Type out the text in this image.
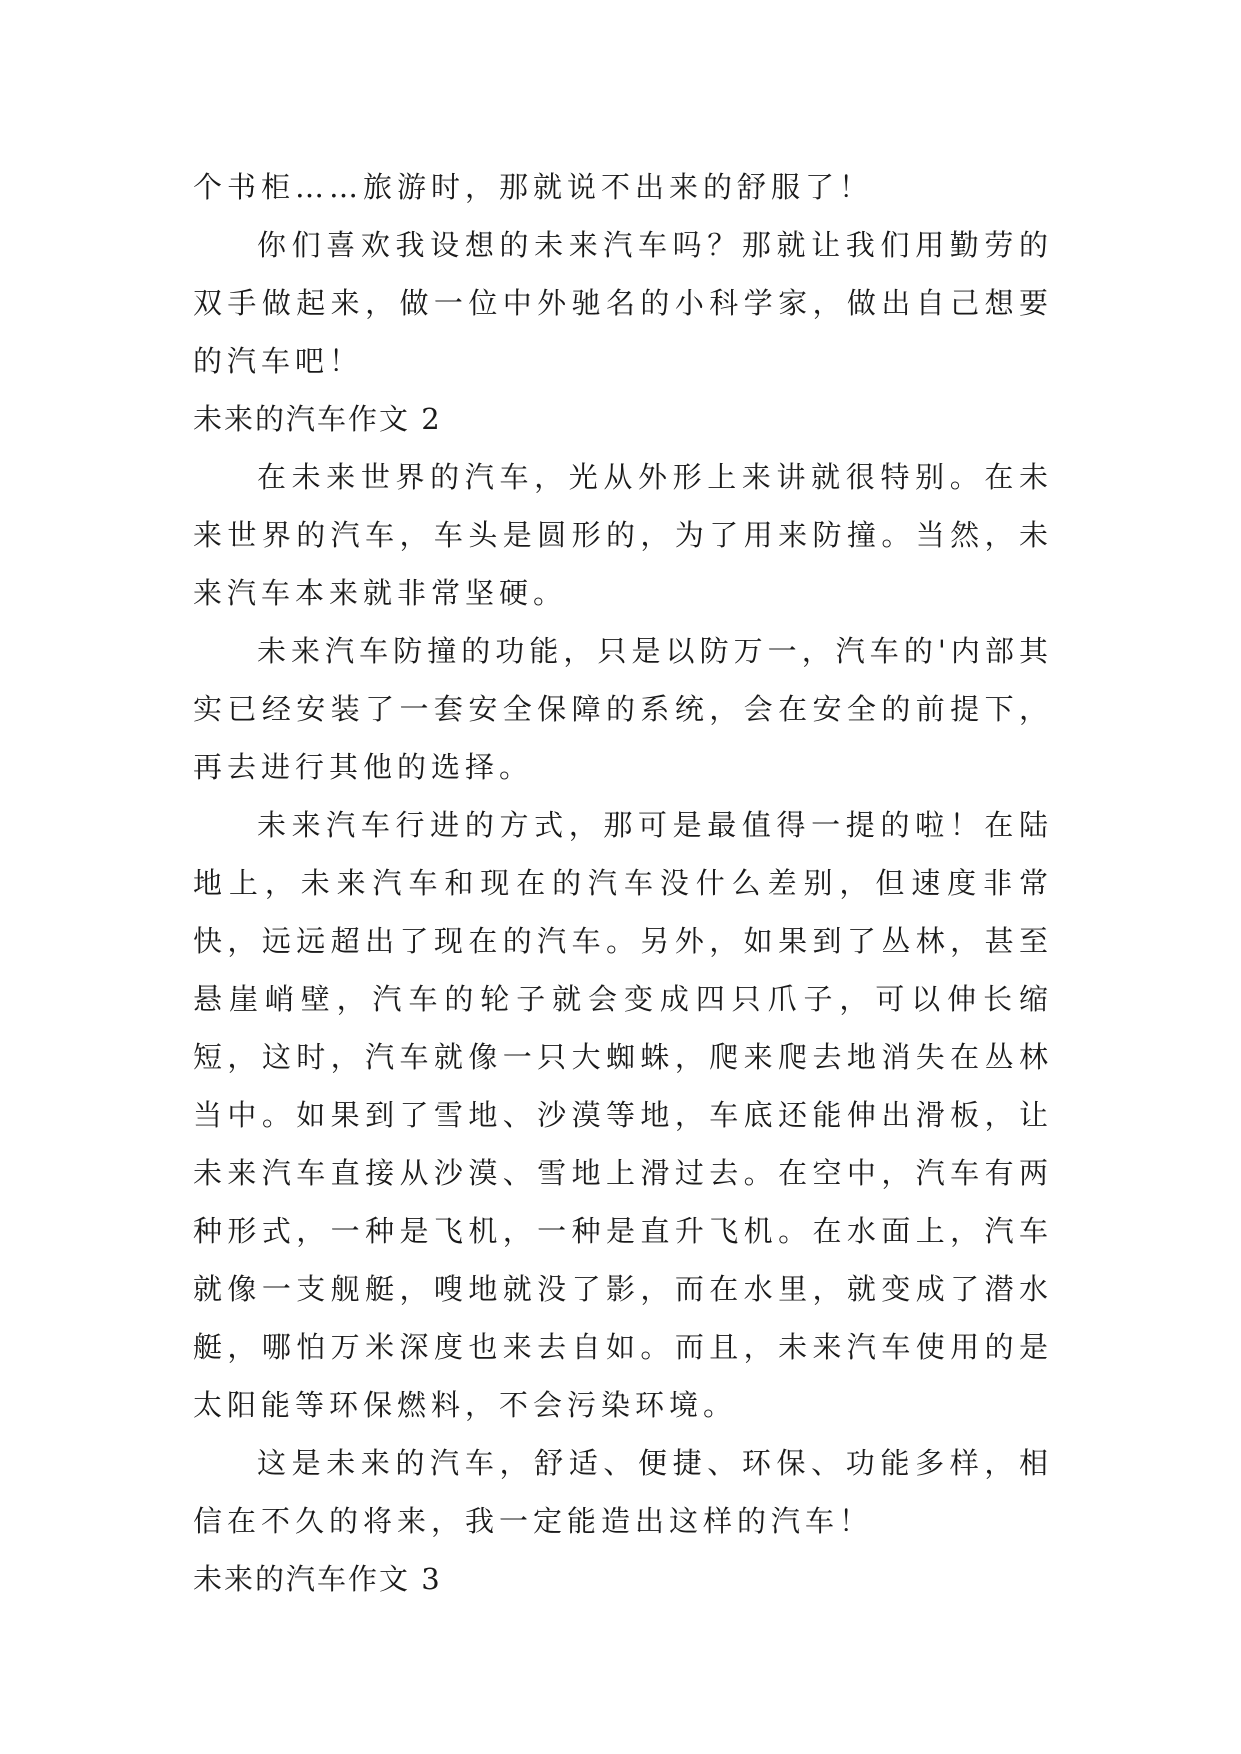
个书柜……旅游时，那就说不出来的舒服了！

你们喜欢我设想的未来汽车吗？那就让我们用勤劳的双手做起来，做一位中外驰名的小科学家，做出自己想要的汽车吧！

未来的汽车作文 2

在未来世界的汽车，光从外形上来讲就很特别。在未来世界的汽车，车头是圆形的，为了用来防撞。当然，未来汽车本来就非常坚硬。

未来汽车防撞的功能，只是以防万一，汽车的'内部其实已经安装了一套安全保障的系统，会在安全的前提下，再去进行其他的选择。

未来汽车行进的方式，那可是最值得一提的啦！在陆地上，未来汽车和现在的汽车没什么差别，但速度非常快，远远超出了现在的汽车。另外，如果到了丛林，甚至悬崖峭壁，汽车的轮子就会变成四只爪子，可以伸长缩短，这时，汽车就像一只大蜘蛛，爬来爬去地消失在丛林当中。如果到了雪地、沙漠等地，车底还能伸出滑板，让未来汽车直接从沙漠、雪地上滑过去。在空中，汽车有两种形式，一种是飞机，一种是直升飞机。在水面上，汽车就像一支舰艇，嗖地就没了影，而在水里，就变成了潜水艇，哪怕万米深度也来去自如。而且，未来汽车使用的是太阳能等环保燃料，不会污染环境。

这是未来的汽车，舒适、便捷、环保、功能多样，相信在不久的将来，我一定能造出这样的汽车！

未来的汽车作文 3
